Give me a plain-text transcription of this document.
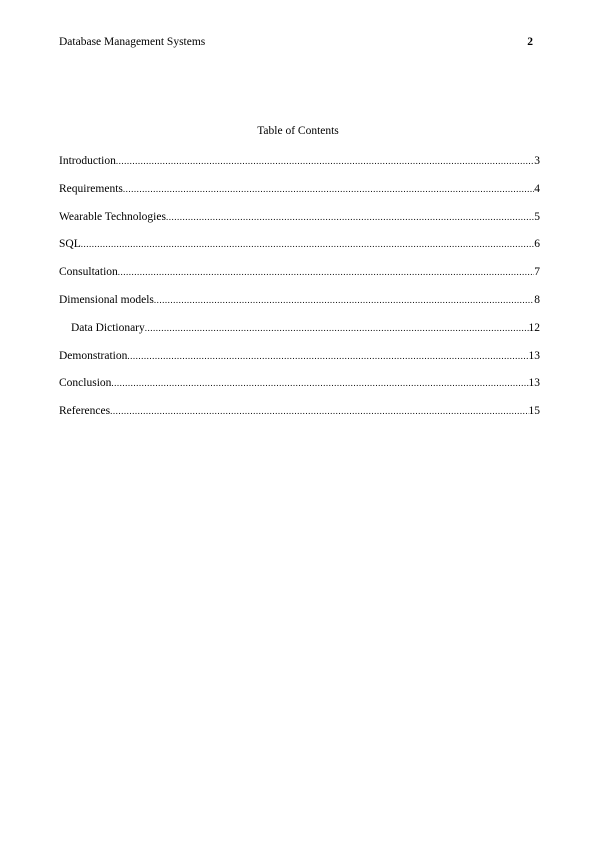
Database Management Systems	2
Table of Contents
Introduction .....	3
Requirements .....	4
Wearable Technologies .....	5
SQL .....	6
Consultation .....	7
Dimensional models .....	8
Data Dictionary .....	12
Demonstration .....	13
Conclusion .....	13
References .....	15
